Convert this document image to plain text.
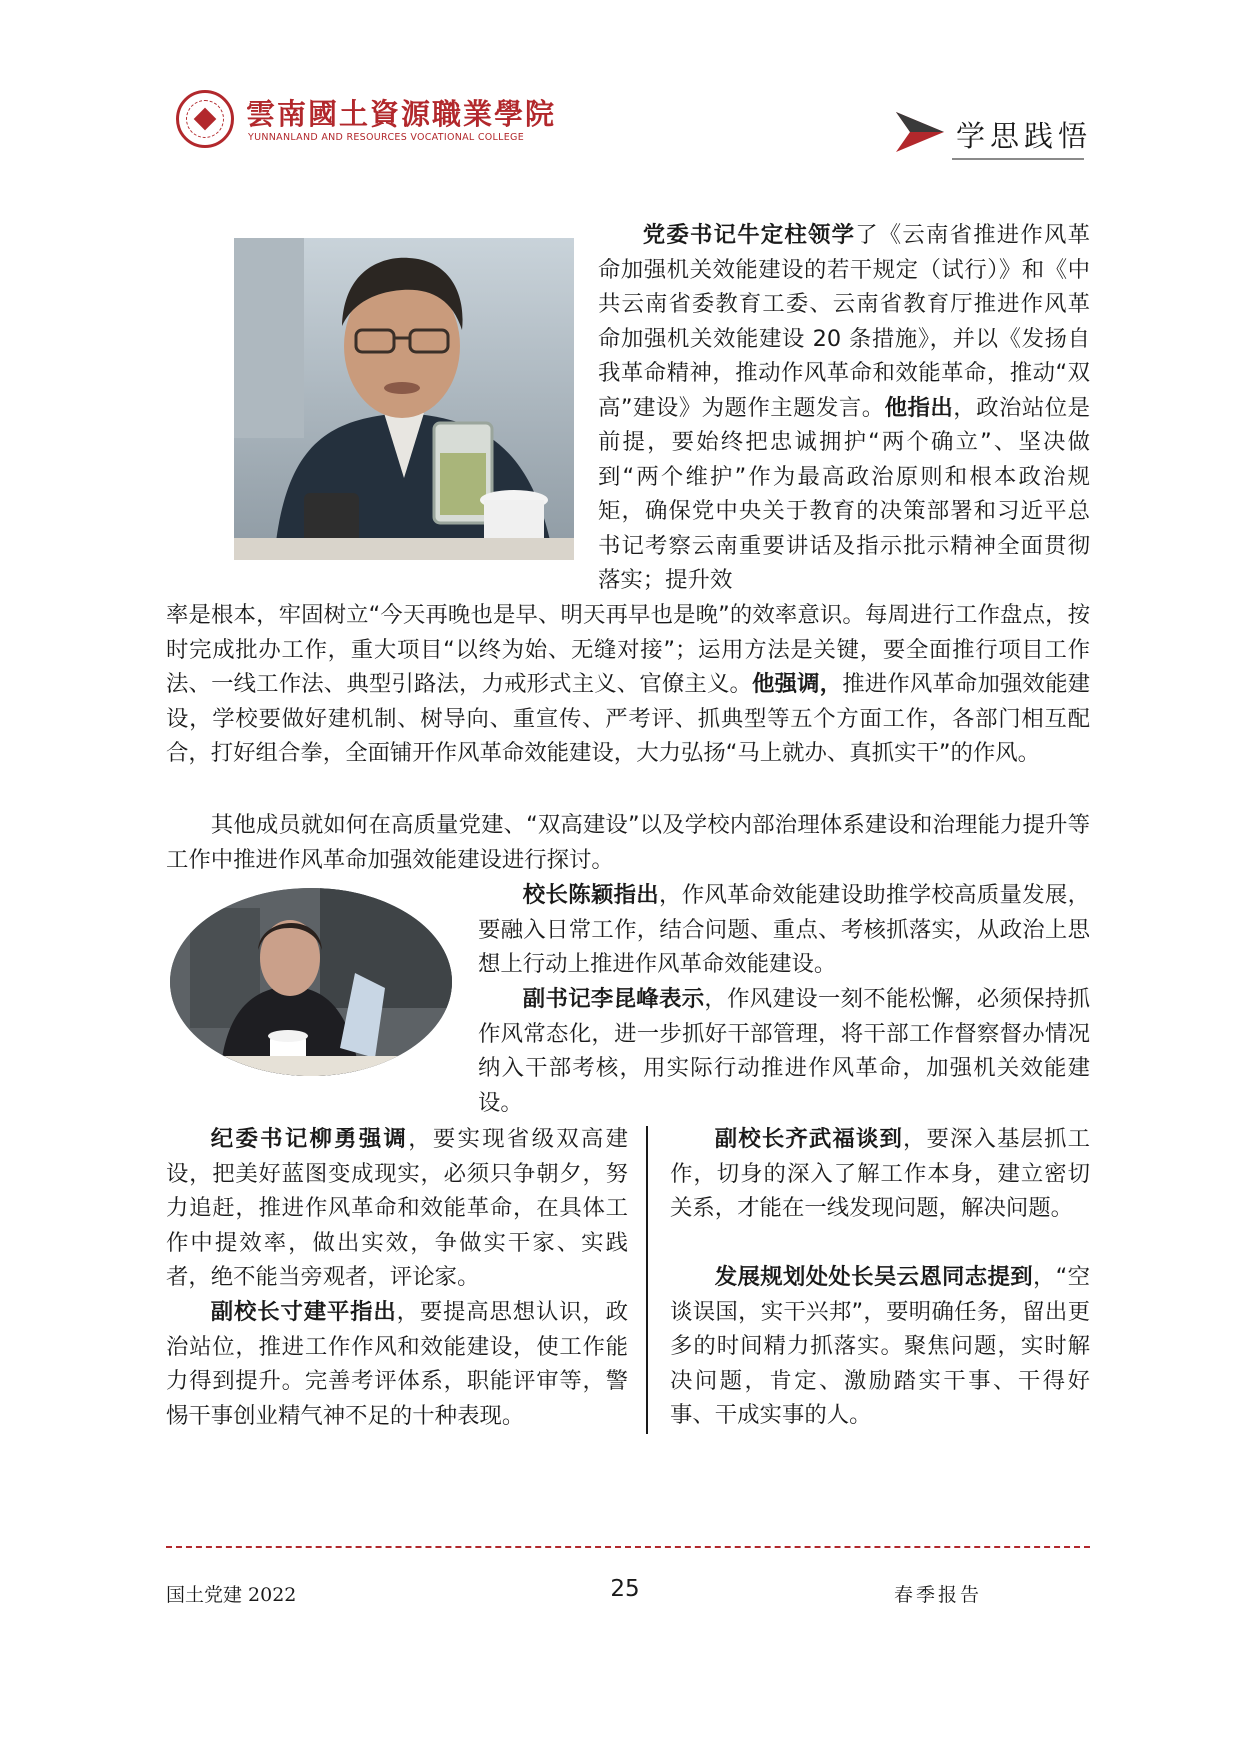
雲南國土資源職業學院
YUNNANLAND AND RESOURCES VOCATIONAL COLLEGE	学思践悟

党委书记牛定柱领学了《云南省推进作风革命加强机关效能建设的若干规定（试行）》和《中共云南省委教育工委、云南省教育厅推进作风革命加强机关效能建设 20 条措施》，并以《发扬自我革命精神，推动作风革命和效能革命，推动“双高”建设》为题作主题发言。他指出，政治站位是前提，要始终把忠诚拥护“两个确立”、坚决做到“两个维护”作为最高政治原则和根本政治规矩，确保党中央关于教育的决策部署和习近平总书记考察云南重要讲话及指示批示精神全面贯彻落实；提升效

率是根本，牢固树立“今天再晚也是早、明天再早也是晚”的效率意识。每周进行工作盘点，按时完成批办工作，重大项目“以终为始、无缝对接”；运用方法是关键，要全面推行项目工作法、一线工作法、典型引路法，力戒形式主义、官僚主义。他强调，推进作风革命加强效能建设，学校要做好建机制、树导向、重宣传、严考评、抓典型等五个方面工作，各部门相互配合，打好组合拳，全面铺开作风革命效能建设，大力弘扬“马上就办、真抓实干”的作风。

其他成员就如何在高质量党建、“双高建设”以及学校内部治理体系建设和治理能力提升等工作中推进作风革命加强效能建设进行探讨。

校长陈颖指出，作风革命效能建设助推学校高质量发展，要融入日常工作，结合问题、重点、考核抓落实，从政治上思想上行动上推进作风革命效能建设。

副书记李昆峰表示，作风建设一刻不能松懈，必须保持抓作风常态化，进一步抓好干部管理，将干部工作督察督办情况纳入干部考核，用实际行动推进作风革命，加强机关效能建设。

纪委书记柳勇强调，要实现省级双高建设，把美好蓝图变成现实，必须只争朝夕，努力追赶，推进作风革命和效能革命，在具体工作中提效率，做出实效，争做实干家、实践者，绝不能当旁观者，评论家。

副校长寸建平指出，要提高思想认识，政治站位，推进工作作风和效能建设，使工作能力得到提升。完善考评体系，职能评审等，警惕干事创业精气神不足的十种表现。

副校长齐武福谈到，要深入基层抓工作，切身的深入了解工作本身，建立密切关系，才能在一线发现问题，解决问题。

发展规划处处长吴云恩同志提到，“空谈误国，实干兴邦”，要明确任务，留出更多的时间精力抓落实。聚焦问题，实时解决问题，肯定、激励踏实干事、干得好事、干成实事的人。

国土党建 2022	25	春季报告
